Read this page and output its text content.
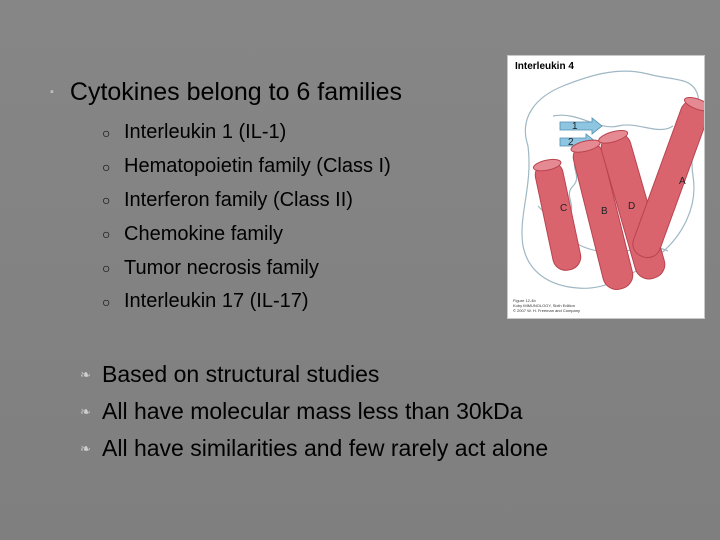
▪ Cytokines belong to 6 families
○ Interleukin 1 (IL-1)
○ Hematopoietin family (Class I)
○ Interferon family (Class II)
○ Chemokine family
○ Tumor necrosis family
○ Interleukin 17 (IL-17)
❧ Based on structural studies
❧ All have molecular mass less than 30kDa
❧ All have similarities and few rarely act alone
A
B
C	D
1
2
Interleukin 4
Figure 12-4b
Kuby IMMUNOLOGY, Sixth Edition
© 2007 W. H. Freeman and Company
